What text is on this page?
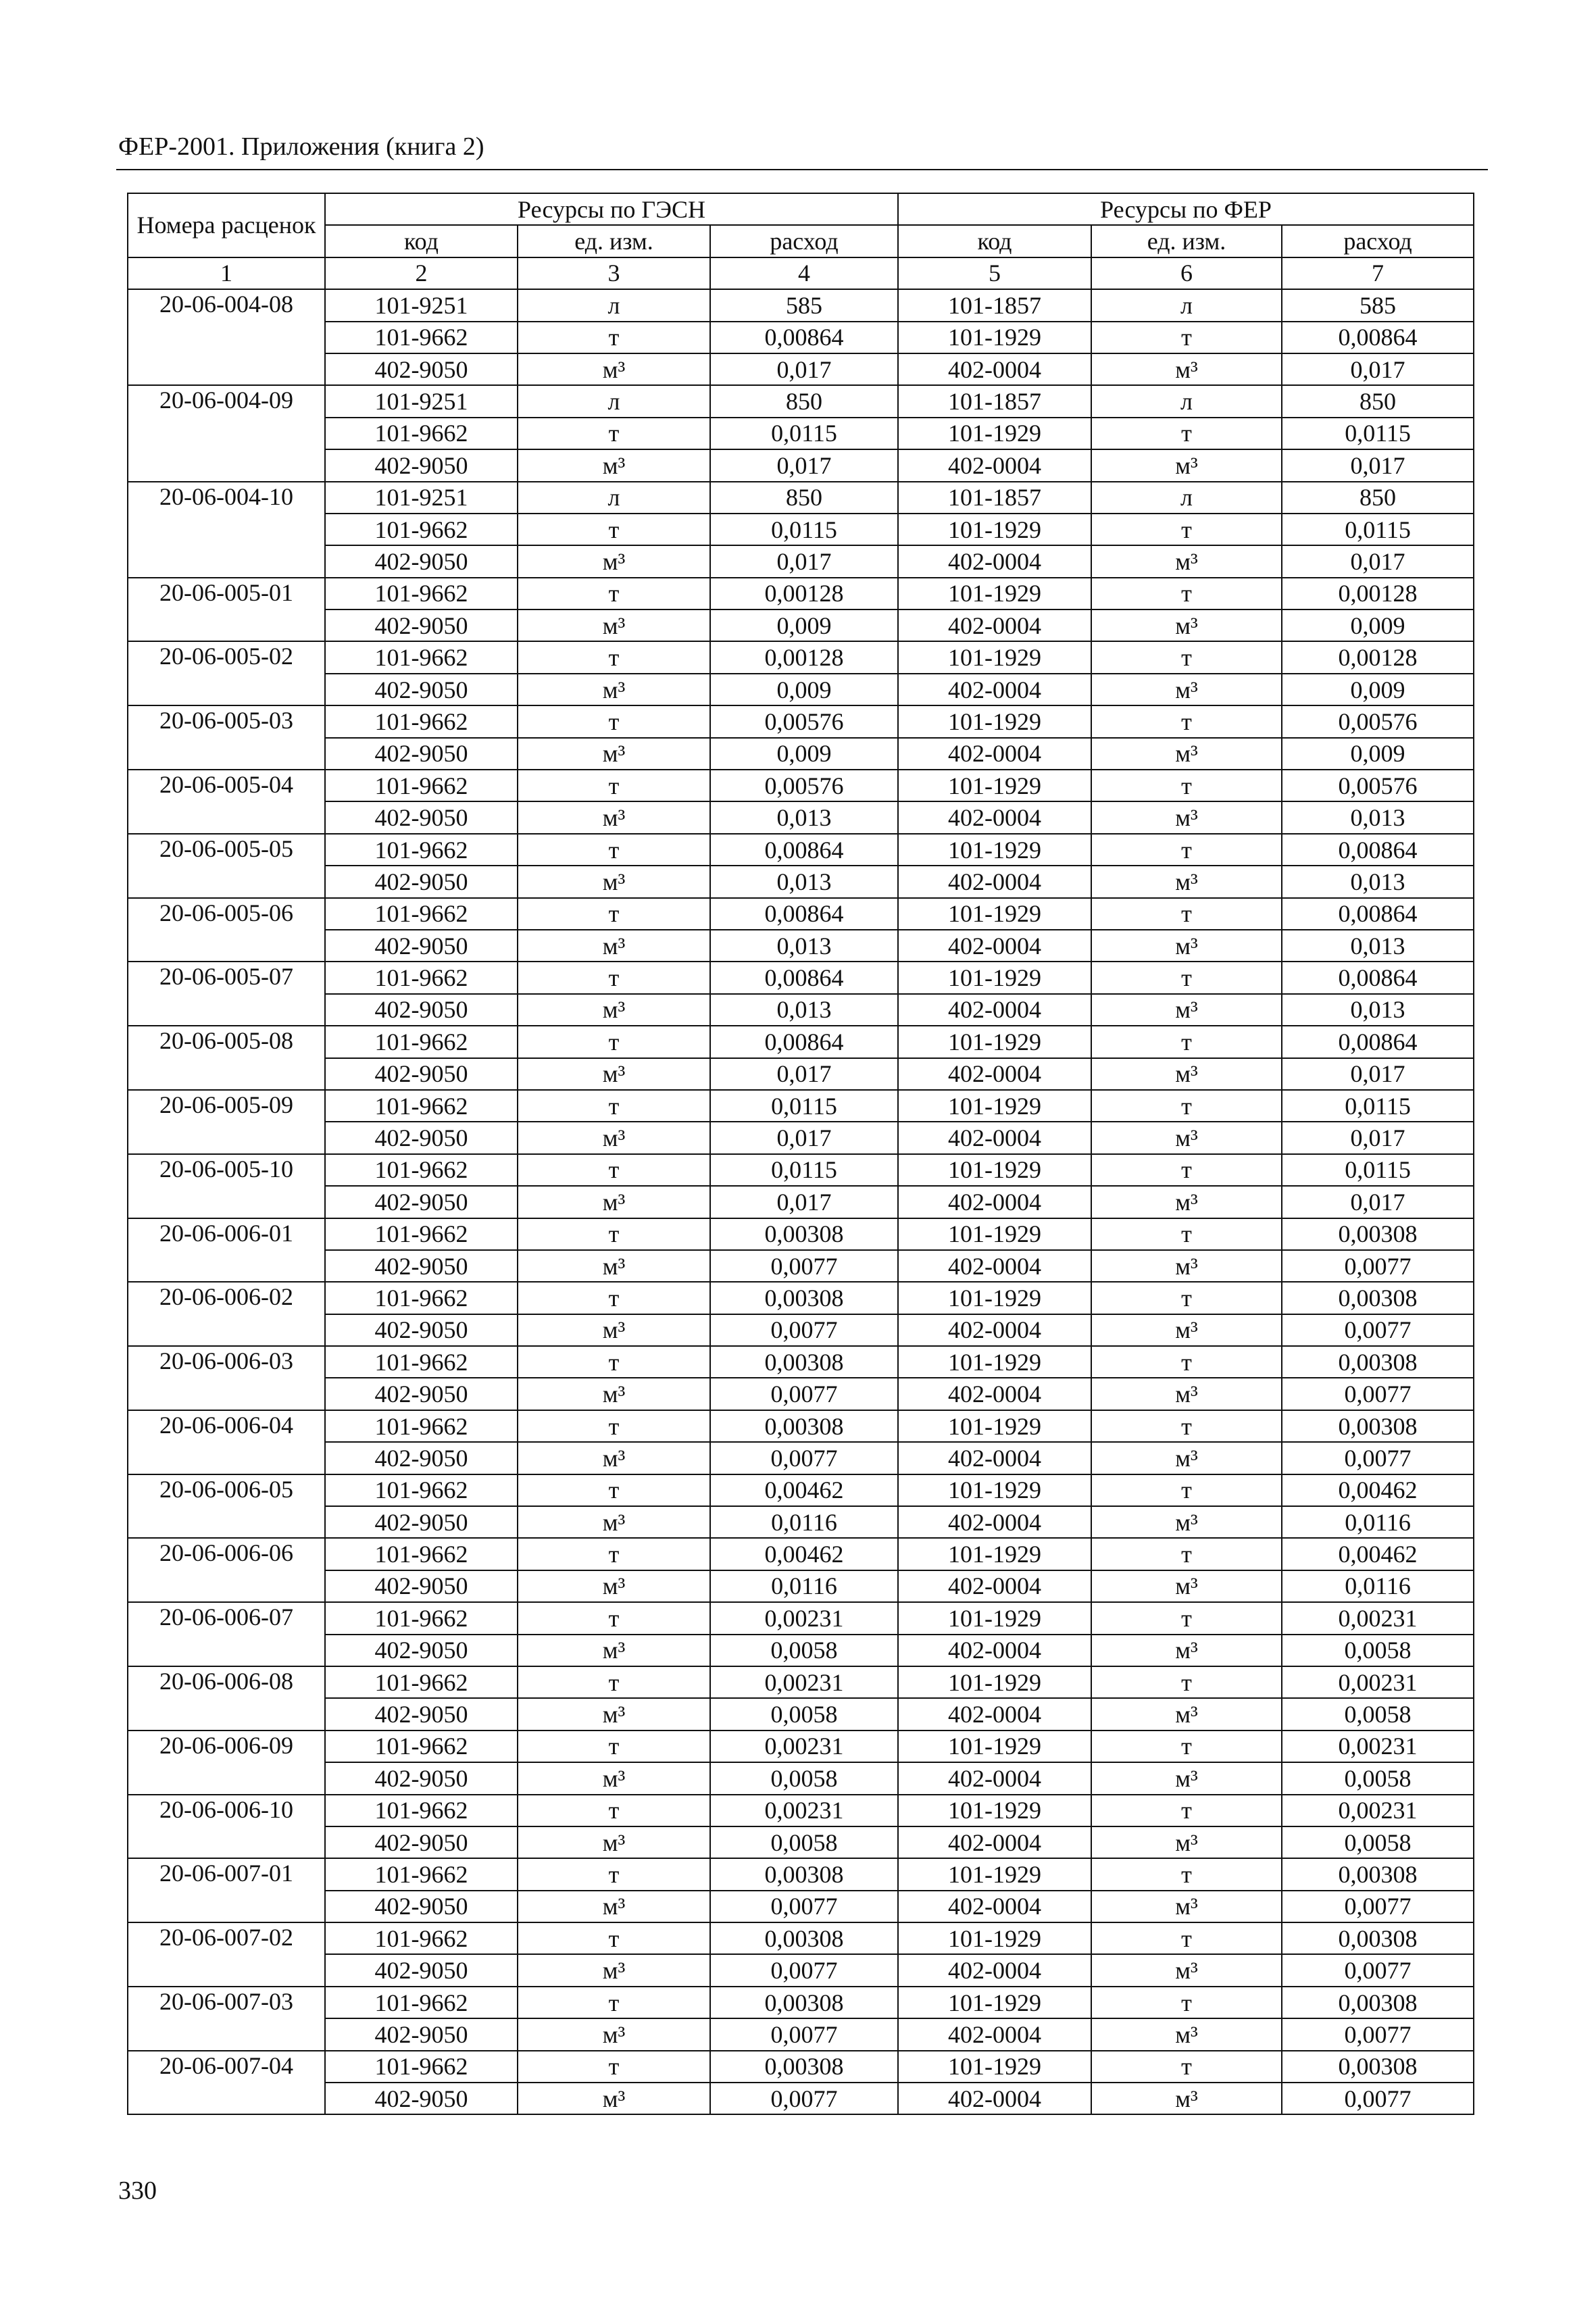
ФЕР-2001. Приложения (книга 2)
Номера расценок	Ресурсы по ГЭСН			Ресурсы по ФЕР		
	код	ед. изм.	расход	код	ед. изм.	расход
1	2	3	4	5	6	7
20-06-004-08	101-9251	л	585	101-1857	л	585
	101-9662	т	0,00864	101-1929	т	0,00864
	402-9050	м³	0,017	402-0004	м³	0,017
20-06-004-09	101-9251	л	850	101-1857	л	850
	101-9662	т	0,0115	101-1929	т	0,0115
	402-9050	м³	0,017	402-0004	м³	0,017
20-06-004-10	101-9251	л	850	101-1857	л	850
	101-9662	т	0,0115	101-1929	т	0,0115
	402-9050	м³	0,017	402-0004	м³	0,017
20-06-005-01	101-9662	т	0,00128	101-1929	т	0,00128
	402-9050	м³	0,009	402-0004	м³	0,009
20-06-005-02	101-9662	т	0,00128	101-1929	т	0,00128
	402-9050	м³	0,009	402-0004	м³	0,009
20-06-005-03	101-9662	т	0,00576	101-1929	т	0,00576
	402-9050	м³	0,009	402-0004	м³	0,009
20-06-005-04	101-9662	т	0,00576	101-1929	т	0,00576
	402-9050	м³	0,013	402-0004	м³	0,013
20-06-005-05	101-9662	т	0,00864	101-1929	т	0,00864
	402-9050	м³	0,013	402-0004	м³	0,013
20-06-005-06	101-9662	т	0,00864	101-1929	т	0,00864
	402-9050	м³	0,013	402-0004	м³	0,013
20-06-005-07	101-9662	т	0,00864	101-1929	т	0,00864
	402-9050	м³	0,013	402-0004	м³	0,013
20-06-005-08	101-9662	т	0,00864	101-1929	т	0,00864
	402-9050	м³	0,017	402-0004	м³	0,017
20-06-005-09	101-9662	т	0,0115	101-1929	т	0,0115
	402-9050	м³	0,017	402-0004	м³	0,017
20-06-005-10	101-9662	т	0,0115	101-1929	т	0,0115
	402-9050	м³	0,017	402-0004	м³	0,017
20-06-006-01	101-9662	т	0,00308	101-1929	т	0,00308
	402-9050	м³	0,0077	402-0004	м³	0,0077
20-06-006-02	101-9662	т	0,00308	101-1929	т	0,00308
	402-9050	м³	0,0077	402-0004	м³	0,0077
20-06-006-03	101-9662	т	0,00308	101-1929	т	0,00308
	402-9050	м³	0,0077	402-0004	м³	0,0077
20-06-006-04	101-9662	т	0,00308	101-1929	т	0,00308
	402-9050	м³	0,0077	402-0004	м³	0,0077
20-06-006-05	101-9662	т	0,00462	101-1929	т	0,00462
	402-9050	м³	0,0116	402-0004	м³	0,0116
20-06-006-06	101-9662	т	0,00462	101-1929	т	0,00462
	402-9050	м³	0,0116	402-0004	м³	0,0116
20-06-006-07	101-9662	т	0,00231	101-1929	т	0,00231
	402-9050	м³	0,0058	402-0004	м³	0,0058
20-06-006-08	101-9662	т	0,00231	101-1929	т	0,00231
	402-9050	м³	0,0058	402-0004	м³	0,0058
20-06-006-09	101-9662	т	0,00231	101-1929	т	0,00231
	402-9050	м³	0,0058	402-0004	м³	0,0058
20-06-006-10	101-9662	т	0,00231	101-1929	т	0,00231
	402-9050	м³	0,0058	402-0004	м³	0,0058
20-06-007-01	101-9662	т	0,00308	101-1929	т	0,00308
	402-9050	м³	0,0077	402-0004	м³	0,0077
20-06-007-02	101-9662	т	0,00308	101-1929	т	0,00308
	402-9050	м³	0,0077	402-0004	м³	0,0077
20-06-007-03	101-9662	т	0,00308	101-1929	т	0,00308
	402-9050	м³	0,0077	402-0004	м³	0,0077
20-06-007-04	101-9662	т	0,00308	101-1929	т	0,00308
	402-9050	м³	0,0077	402-0004	м³	0,0077
330
